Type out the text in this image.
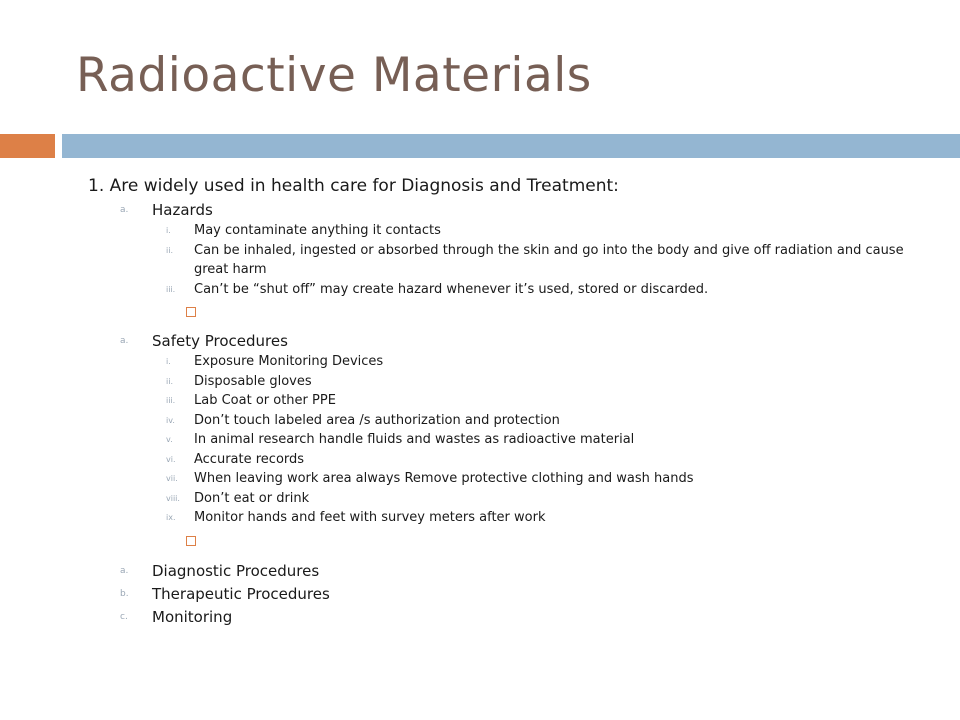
Radioactive Materials
1. Are widely used in health care for Diagnosis and Treatment:
a. Hazards
i. May contaminate anything it contacts
ii. Can be inhaled, ingested or absorbed through the skin and go into the body and give off radiation and cause great harm
iii. Can’t be “shut off” may create hazard whenever it’s used, stored or discarded.
a. Safety Procedures
i. Exposure Monitoring Devices
ii. Disposable gloves
iii. Lab Coat or other PPE
iv. Don’t touch labeled area /s authorization and protection
v. In animal research handle fluids and wastes as radioactive material
vi. Accurate records
vii. When leaving work area always Remove protective clothing and wash hands
viii. Don’t eat or drink
ix. Monitor hands and feet with survey meters after work
a. Diagnostic Procedures
b. Therapeutic Procedures
c. Monitoring
